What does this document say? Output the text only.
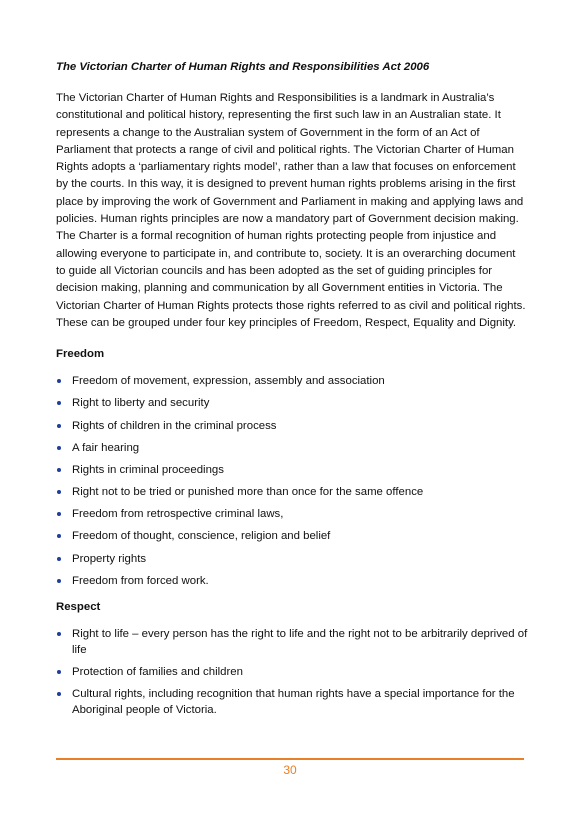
The Victorian Charter of Human Rights and Responsibilities Act 2006

The Victorian Charter of Human Rights and Responsibilities is a landmark in Australia’s constitutional and political history, representing the first such law in an Australian state. It represents a change to the Australian system of Government in the form of an Act of Parliament that protects a range of civil and political rights. The Victorian Charter of Human Rights adopts a ‘parliamentary rights model’, rather than a law that focuses on enforcement by the courts. In this way, it is designed to prevent human rights problems arising in the first place by improving the work of Government and Parliament in making and applying laws and policies. Human rights principles are now a mandatory part of Government decision making. The Charter is a formal recognition of human rights protecting people from injustice and allowing everyone to participate in, and contribute to, society. It is an overarching document to guide all Victorian councils and has been adopted as the set of guiding principles for decision making, planning and communication by all Government entities in Victoria. The Victorian Charter of Human Rights protects those rights referred to as civil and political rights. These can be grouped under four key principles of Freedom, Respect, Equality and Dignity.

Freedom
Freedom of movement, expression, assembly and association
Right to liberty and security
Rights of children in the criminal process
A fair hearing
Rights in criminal proceedings
Right not to be tried or punished more than once for the same offence
Freedom from retrospective criminal laws,
Freedom of thought, conscience, religion and belief
Property rights
Freedom from forced work.
Respect
Right to life – every person has the right to life and the right not to be arbitrarily deprived of life
Protection of families and children
Cultural rights, including recognition that human rights have a special importance for the Aboriginal people of Victoria.
30
